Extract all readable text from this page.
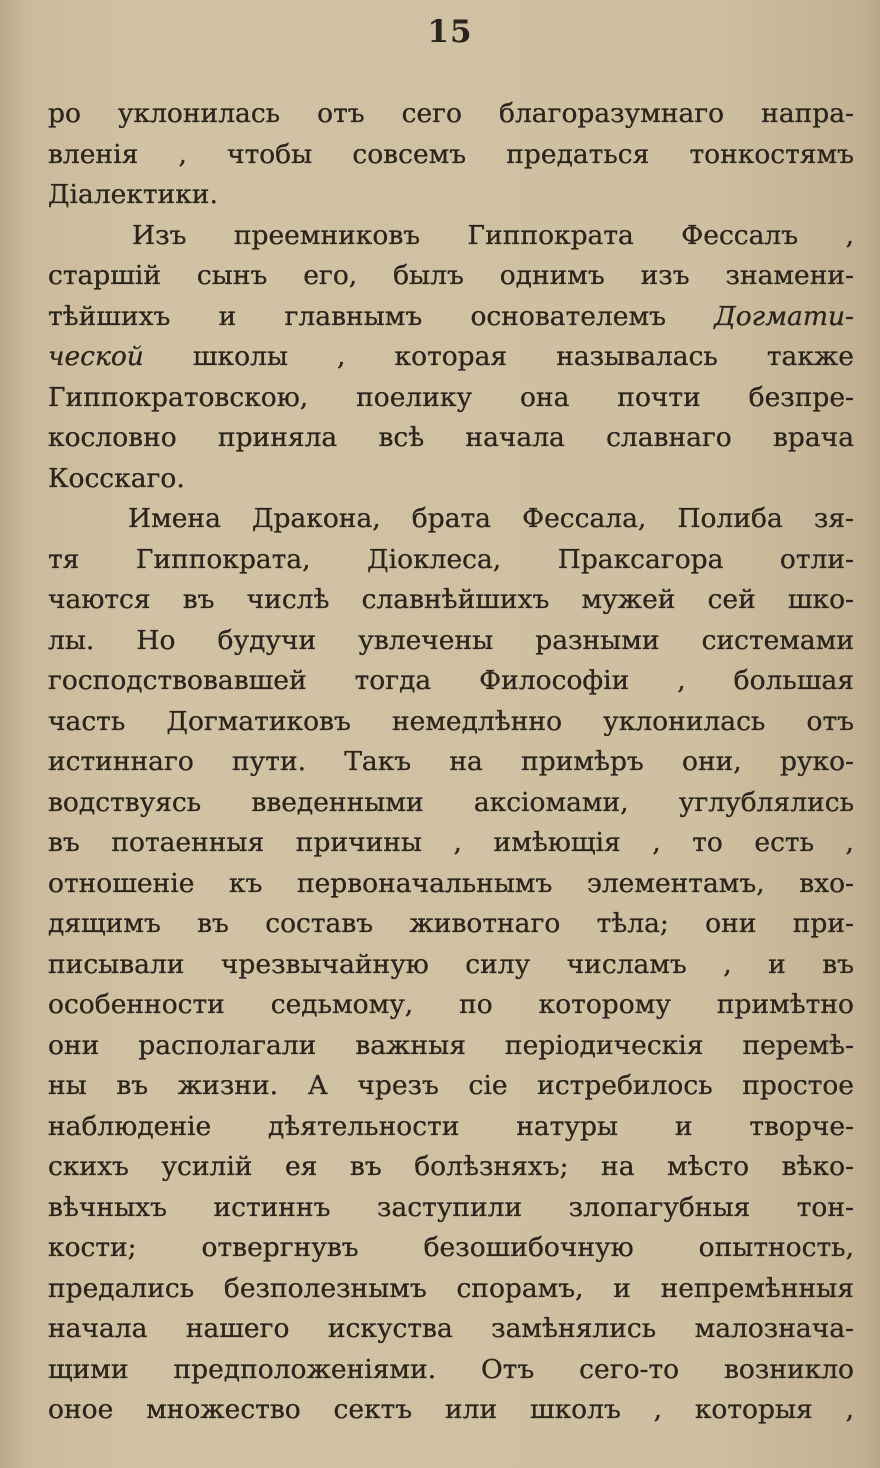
15
ро уклонилась отъ сего благоразумнаго напра-
вленія , чтобы совсемъ предаться тонкостямъ
Діалектики.
Изъ преемниковъ Гиппократа Фессалъ ,
старшій сынъ его, былъ однимъ изъ знамени-
тѣйшихъ и главнымъ основателемъ Догмати-
ческой школы , которая называлась также
Гиппократовскою, поелику она почти безпре-
кословно приняла всѣ начала славнаго врача
Косскаго.
Имена Дракона, брата Фессала, Полиба зя-
тя Гиппократа, Діоклеса, Праксагора отли-
чаются въ числѣ славнѣйшихъ мужей сей шко-
лы. Но будучи увлечены разными системами
господствовавшей тогда Философіи , большая
часть Догматиковъ немедлѣнно уклонилась отъ
истиннаго пути. Такъ на примѣръ они, руко-
водствуясь введенными аксіомами, углублялись
въ потаенныя причины , имѣющія , то есть ,
отношеніе къ первоначальнымъ элементамъ, вхо-
дящимъ въ составъ животнаго тѣла; они при-
писывали чрезвычайную силу числамъ , и въ
особенности седьмому, по которому примѣтно
они располагали важныя періодическія перемѣ-
ны въ жизни. А чрезъ сіе истребилось простое
наблюденіе дѣятельности натуры и творче-
скихъ усилій ея въ болѣзняхъ; на мѣсто вѣко-
вѣчныхъ истиннъ заступили злопагубныя тон-
кости; отвергнувъ безошибочную опытность,
предались безполезнымъ спорамъ, и непремѣнныя
начала нашего искуства замѣнялись малознача-
щими предположеніями. Отъ сего-то возникло
оное множество сектъ или школъ , которыя ,
